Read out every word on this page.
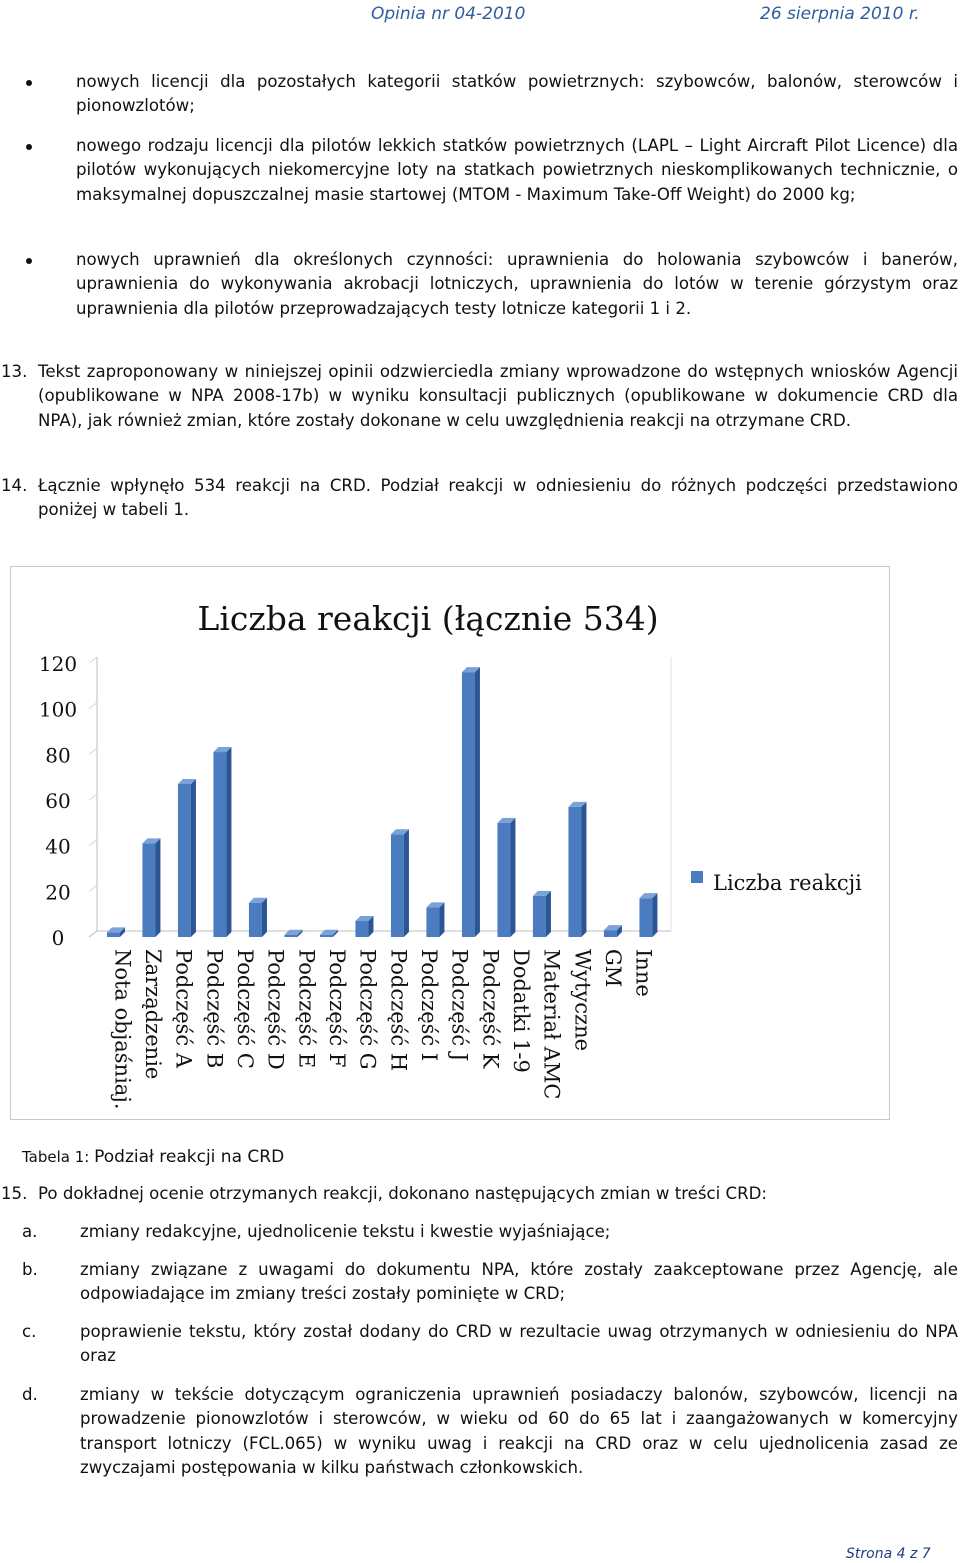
Opinia nr 04-2010	26 sierpnia 2010 r.
nowych licencji dla pozostałych kategorii statków powietrznych: szybowców, balonów, sterowców i pionowzlotów;
nowego rodzaju licencji dla pilotów lekkich statków powietrznych (LAPL – Light Aircraft Pilot Licence) dla pilotów wykonujących niekomercyjne loty na statkach powietrznych nieskomplikowanych technicznie, o maksymalnej dopuszczalnej masie startowej (MTOM - Maximum Take-Off Weight) do 2000 kg;
nowych uprawnień dla określonych czynności: uprawnienia do holowania szybowców i banerów, uprawnienia do wykonywania akrobacji lotniczych, uprawnienia do lotów w terenie górzystym oraz uprawnienia dla pilotów przeprowadzających testy lotnicze kategorii 1 i 2.
13. Tekst zaproponowany w niniejszej opinii odzwierciedla zmiany wprowadzone do wstępnych wniosków Agencji (opublikowane w NPA 2008-17b) w wyniku konsultacji publicznych (opublikowane w dokumencie CRD dla NPA), jak również zmian, które zostały dokonane w celu uwzględnienia reakcji na otrzymane CRD.
14. Łącznie wpłynęło 534 reakcji na CRD. Podział reakcji w odniesieniu do różnych podczęści przedstawiono poniżej w tabeli 1.
Liczba reakcji (łącznie 534)
0
20
40
60
80
100
120
Nota objaśniaj. Zarządzenie Podczęść A Podczęść B Podczęść C Podczęść D Podczęść E Podczęść F Podczęść G Podczęść H Podczęść I Podczęść J Podczęść K Dodatki 1-9 Materiał AMC Wytyczne GM Inne
Liczba reakcji
Tabela 1: Podział reakcji na CRD
15. Po dokładnej ocenie otrzymanych reakcji, dokonano następujących zmian w treści CRD:
a.	zmiany redakcyjne, ujednolicenie tekstu i kwestie wyjaśniające;
b.	zmiany związane z uwagami do dokumentu NPA, które zostały zaakceptowane przez Agencję, ale odpowiadające im zmiany treści zostały pominięte w CRD;
c.	poprawienie tekstu, który został dodany do CRD w rezultacie uwag otrzymanych w odniesieniu do NPA oraz
d.	zmiany w tekście dotyczącym ograniczenia uprawnień posiadaczy balonów, szybowców, licencji na prowadzenie pionowzlotów i sterowców, w wieku od 60 do 65 lat i zaangażowanych w komercyjny transport lotniczy (FCL.065) w wyniku uwag i reakcji na CRD oraz w celu ujednolicenia zasad ze zwyczajami postępowania w kilku państwach członkowskich.
Strona 4 z 7
